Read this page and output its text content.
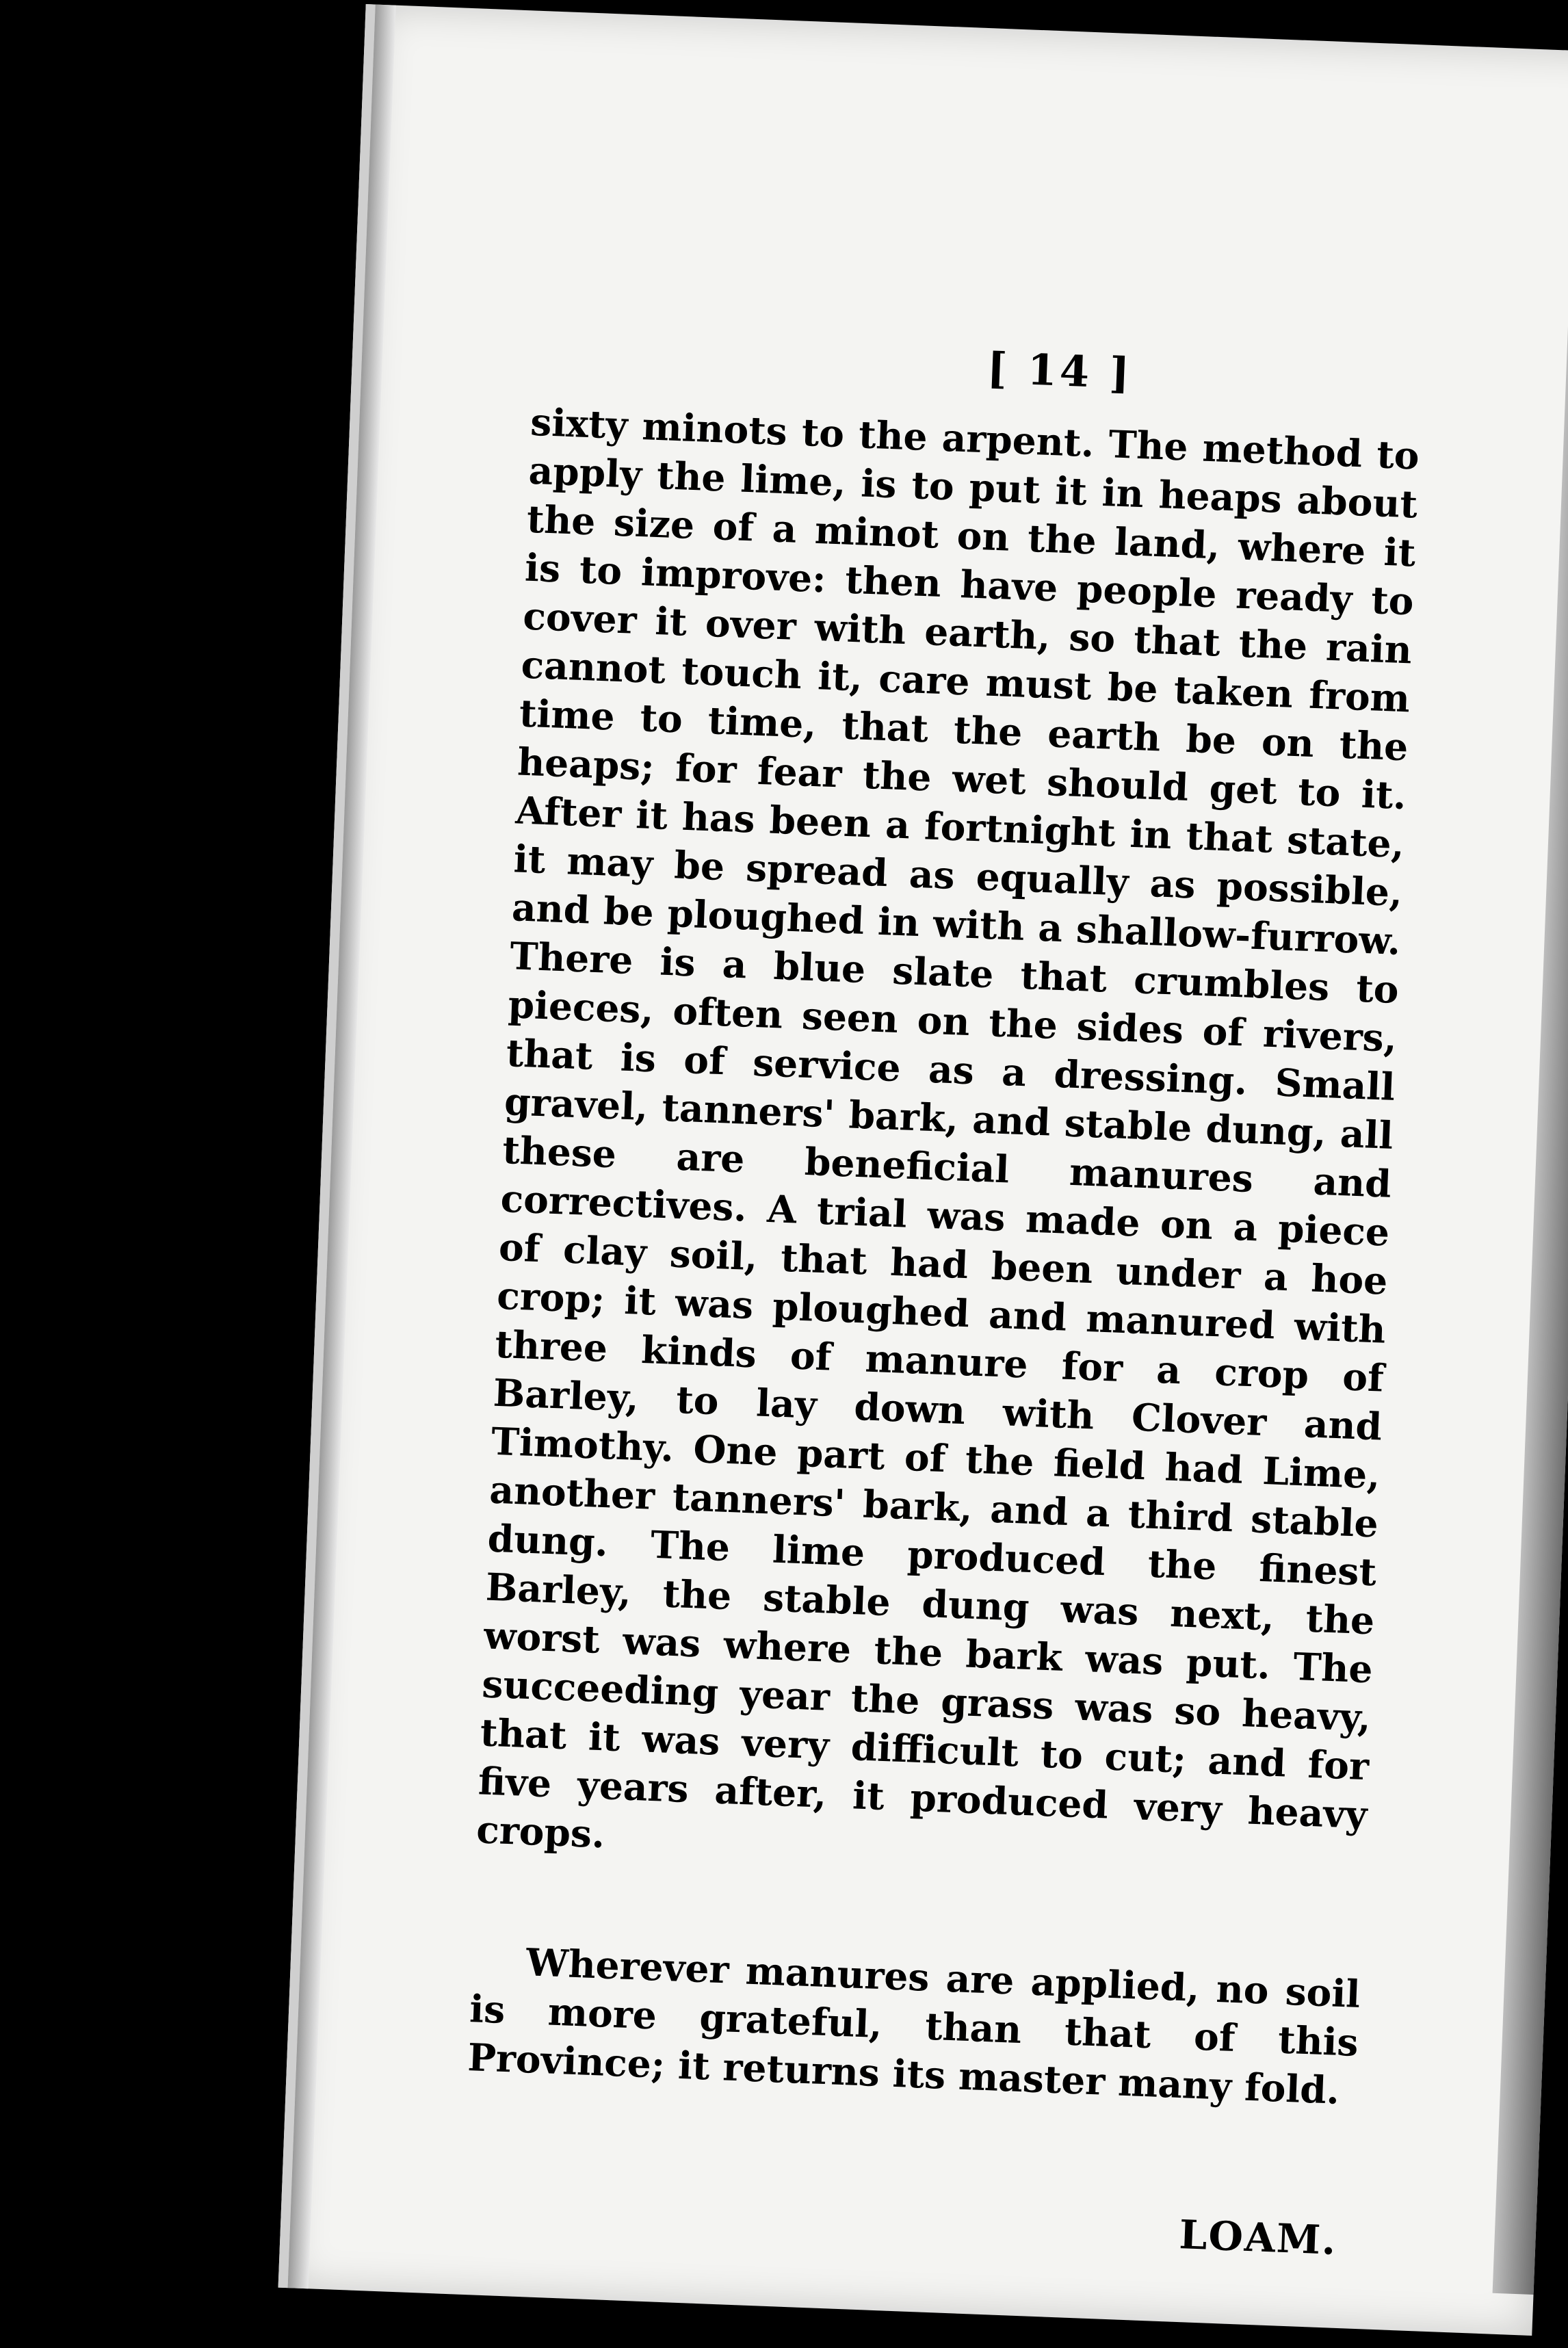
[ 14 ]

sixty minots to the arpent. The method to apply the lime, is to put it in heaps about the size of a minot on the land, where it is to improve: then have people ready to cover it over with earth, so that the rain cannot touch it, care must be taken from time to time, that the earth be on the heaps; for fear the wet should get to it. After it has been a fortnight in that state, it may be spread as equally as possible, and be ploughed in with a shallow-furrow. There is a blue slate that crumbles to pieces, often seen on the sides of rivers, that is of service as a dressing. Small gravel, tanners' bark, and stable dung, all these are beneficial manures and correctives. A trial was made on a piece of clay soil, that had been under a hoe crop; it was ploughed and manured with three kinds of manure for a crop of Barley, to lay down with Clover and Timothy. One part of the field had Lime, another tanners' bark, and a third stable dung. The lime produced the finest Barley, the stable dung was next, the worst was where the bark was put. The succeeding year the grass was so heavy, that it was very difficult to cut; and for five years after, it produced very heavy crops.

Wherever manures are applied, no soil is more grateful, than that of this Province; it returns its master many fold.

LOAM.
